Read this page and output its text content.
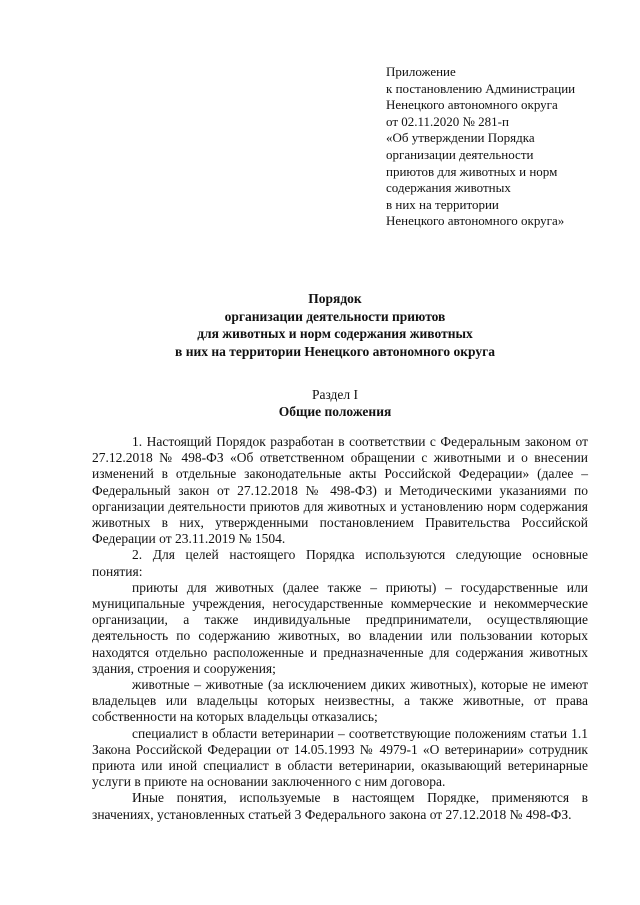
Приложение
к постановлению Администрации
Ненецкого автономного округа
от 02.11.2020 № 281-п
«Об утверждении Порядка
организации деятельности
приютов для животных и норм
содержания животных
в них на территории
Ненецкого автономного округа»
Порядок
организации деятельности приютов
для животных и норм содержания животных
в них на территории Ненецкого автономного округа
Раздел I
Общие положения

1. Настоящий Порядок разработан в соответствии с Федеральным законом от 27.12.2018 № 498-ФЗ «Об ответственном обращении с животными и о внесении изменений в отдельные законодательные акты Российской Федерации» (далее – Федеральный закон от 27.12.2018 № 498-ФЗ) и Методическими указаниями по организации деятельности приютов для животных и установлению норм содержания животных в них, утвержденными постановлением Правительства Российской Федерации от 23.11.2019 № 1504.

2. Для целей настоящего Порядка используются следующие основные понятия:

приюты для животных (далее также – приюты) – государственные или муниципальные учреждения, негосударственные коммерческие и некоммерческие организации, а также индивидуальные предприниматели, осуществляющие деятельность по содержанию животных, во владении или пользовании которых находятся отдельно расположенные и предназначенные для содержания животных здания, строения и сооружения;

животные – животные (за исключением диких животных), которые не имеют владельцев или владельцы которых неизвестны, а также животные, от права собственности на которых владельцы отказались;

специалист в области ветеринарии – соответствующие положениям статьи 1.1 Закона Российской Федерации от 14.05.1993 № 4979-1 «О ветеринарии» сотрудник приюта или иной специалист в области ветеринарии, оказывающий ветеринарные услуги в приюте на основании заключенного с ним договора.

Иные понятия, используемые в настоящем Порядке, применяются в значениях, установленных статьей 3 Федерального закона от 27.12.2018 № 498-ФЗ.
